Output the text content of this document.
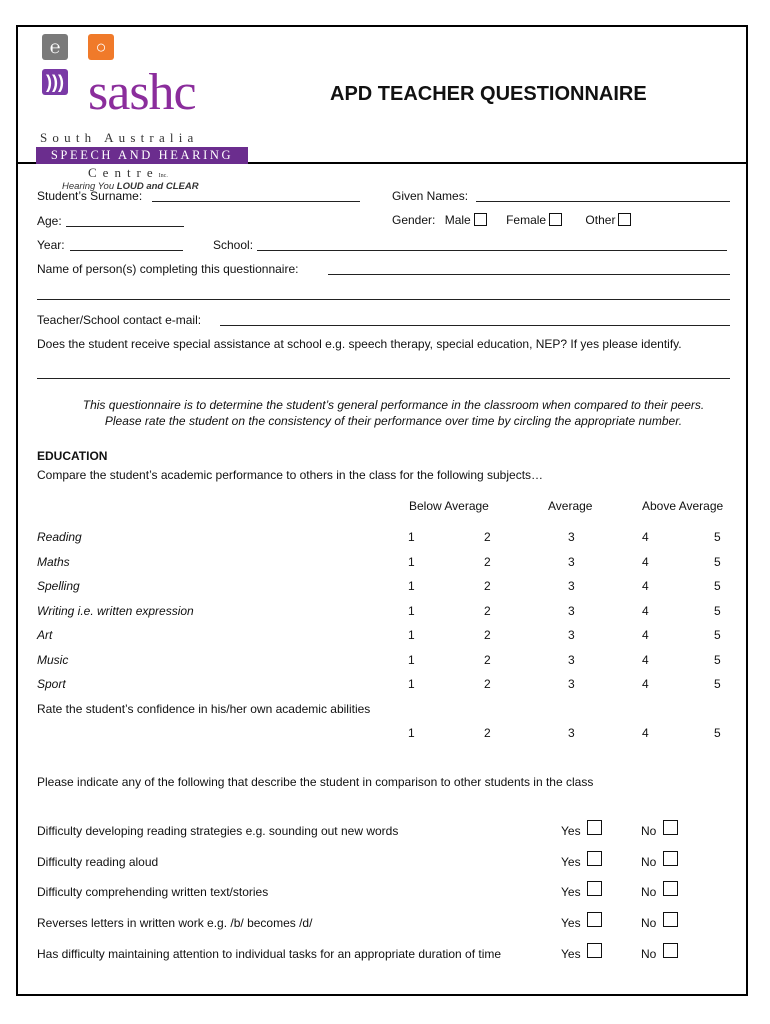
℮	○
))) sashc
South Australia
SPEECH AND HEARING
CentreInc.
Hearing You LOUD and CLEAR
APD TEACHER QUESTIONNAIRE
Student’s Surname:	Given Names:
Age:	Gender: Male	Female	Other
Year:	School:
Name of person(s) completing this questionnaire:
Teacher/School contact e-mail:
Does the student receive special assistance at school e.g. speech therapy, special education, NEP? If yes please identify.
This questionnaire is to determine the student’s general performance in the classroom when compared to their peers.
Please rate the student on the consistency of their performance over time by circling the appropriate number.
EDUCATION
Compare the student’s academic performance to others in the class for the following subjects…
Below Average	Average	Above Average
Reading	1	2	3	4	5
Maths	1	2	3	4	5
Spelling	1	2	3	4	5
Writing i.e. written expression	1	2	3	4	5
Art	1	2	3	4	5
Music	1	2	3	4	5
Sport	1	2	3	4	5
Rate the student’s confidence in his/her own academic abilities
1	2	3	4	5
Please indicate any of the following that describe the student in comparison to other students in the class
Difficulty developing reading strategies e.g. sounding out new words	Yes	No
Difficulty reading aloud	Yes	No
Difficulty comprehending written text/stories	Yes	No
Reverses letters in written work e.g. /b/ becomes /d/	Yes	No
Has difficulty maintaining attention to individual tasks for an appropriate duration of time	Yes	No
